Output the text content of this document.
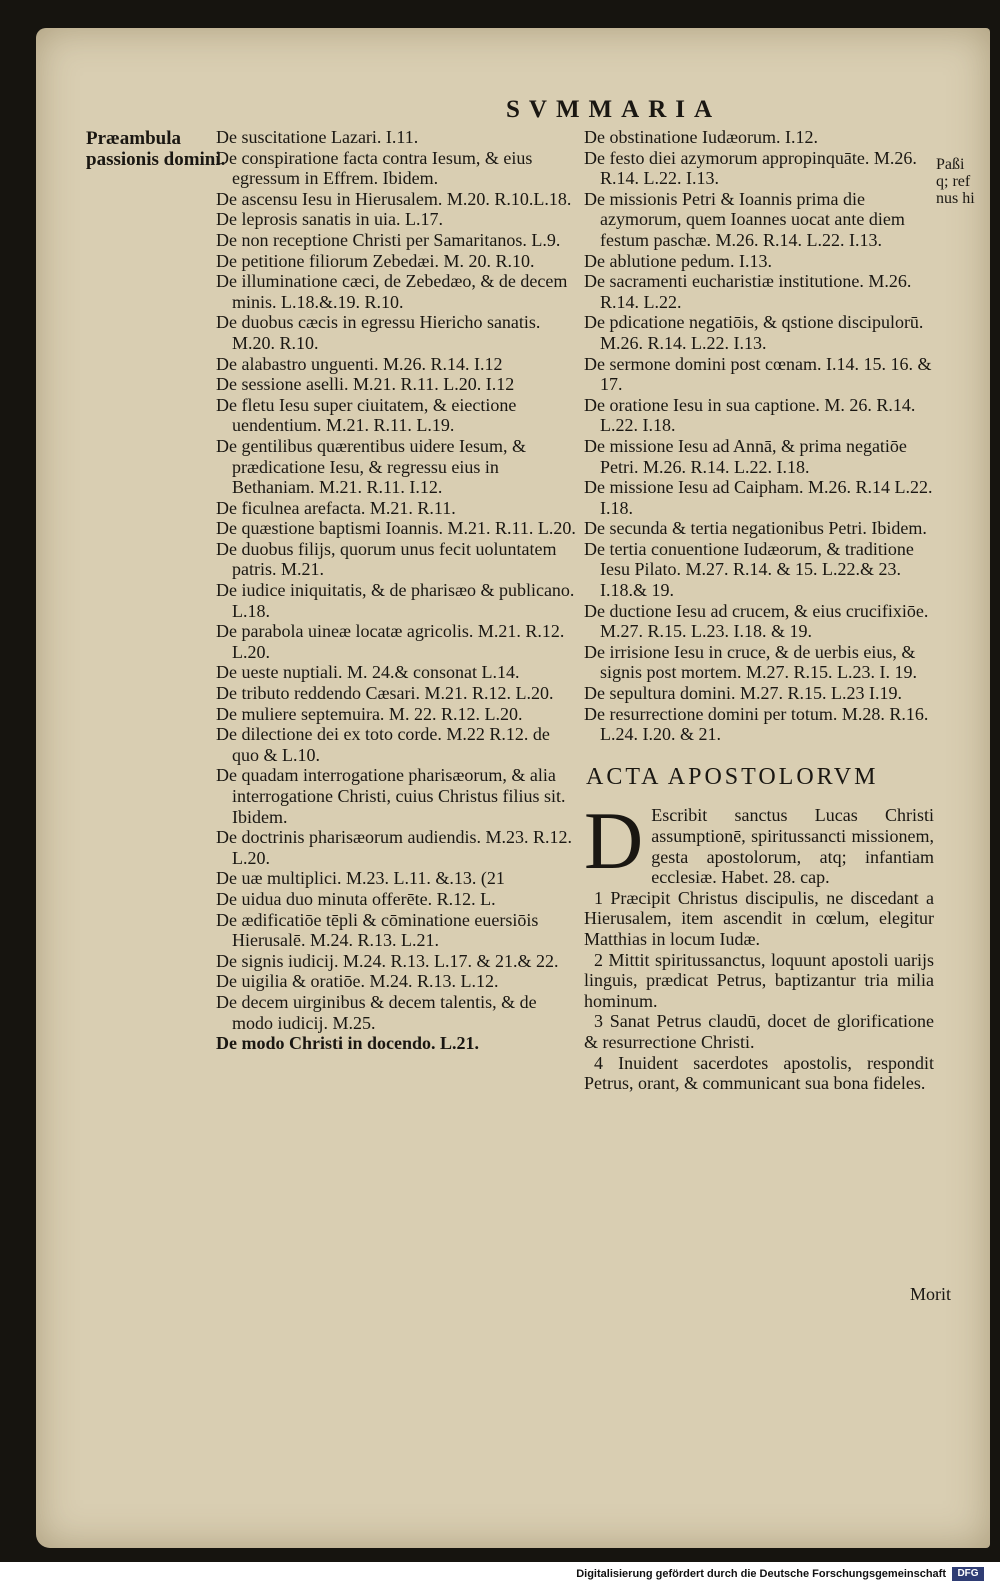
SVMMARIA
Præambula passionis domini.	Paßi
q; ref
nus hi
De suscitatione Lazari. I.11.
De conspiratione facta contra Iesum, & eius egressum in Effrem. Ibidem.
De ascensu Iesu in Hierusalem. M.20. R.10.L.18.
De leprosis sanatis in uia. L.17.
De non receptione Christi per Samaritanos. L.9.
De petitione filiorum Zebedæi. M. 20. R.10.
De illuminatione cæci, de Zebedæo, & de decem minis. L.18.&.19. R.10.
De duobus cæcis in egressu Hiericho sanatis. M.20. R.10.
De alabastro unguenti. M.26. R.14. I.12
De sessione aselli. M.21. R.11. L.20. I.12
De fletu Iesu super ciuitatem, & eiectione uendentium. M.21. R.11. L.19.
De gentilibus quærentibus uidere Iesum, & prædicatione Iesu, & regressu eius in Bethaniam. M.21. R.11. I.12.
De ficulnea arefacta. M.21. R.11.
De quæstione baptismi Ioannis. M.21. R.11. L.20.
De duobus filijs, quorum unus fecit uoluntatem patris. M.21.
De iudice iniquitatis, & de pharisæo & publicano. L.18.
De parabola uineæ locatæ agricolis. M.21. R.12. L.20.
De ueste nuptiali. M. 24.& consonat L.14.
De tributo reddendo Cæsari. M.21. R.12. L.20.
De muliere septemuira. M. 22. R.12. L.20.
De dilectione dei ex toto corde. M.22 R.12. de quo & L.10.
De quadam interrogatione pharisæorum, & alia interrogatione Christi, cuius Christus filius sit. Ibidem.
De doctrinis pharisæorum audiendis. M.23. R.12. L.20.
De uæ multiplici. M.23. L.11. &.13. (21
De uidua duo minuta offerēte. R.12. L.
De ædificatiōe tēpli & cōminatione euersiōis Hierusalē. M.24. R.13. L.21.
De signis iudicij. M.24. R.13. L.17. & 21.& 22.
De uigilia & oratiōe. M.24. R.13. L.12.
De decem uirginibus & decem talentis, & de modo iudicij. M.25.
De modo Christi in docendo. L.21.
De obstinatione Iudæorum. I.12.
De festo diei azymorum appropinquāte. M.26. R.14. L.22. I.13.
De missionis Petri & Ioannis prima die azymorum, quem Ioannes uocat ante diem festum paschæ. M.26. R.14. L.22. I.13.
De ablutione pedum. I.13.
De sacramenti eucharistiæ institutione. M.26. R.14. L.22.
De pdicatione negatiōis, & qstione discipulorū. M.26. R.14. L.22. I.13.
De sermone domini post cœnam. I.14. 15. 16. & 17.
De oratione Iesu in sua captione. M. 26. R.14. L.22. I.18.
De missione Iesu ad Annā, & prima negatiōe Petri. M.26. R.14. L.22. I.18.
De missione Iesu ad Caipham. M.26. R.14 L.22. I.18.
De secunda & tertia negationibus Petri. Ibidem.
De tertia conuentione Iudæorum, & traditione Iesu Pilato. M.27. R.14. & 15. L.22.& 23. I.18.& 19.
De ductione Iesu ad crucem, & eius crucifixiōe. M.27. R.15. L.23. I.18. & 19.
De irrisione Iesu in cruce, & de uerbis eius, & signis post mortem. M.27. R.15. L.23. I. 19.
De sepultura domini. M.27. R.15. L.23 I.19.
De resurrectione domini per totum. M.28. R.16. L.24. I.20. & 21.
ACTA APOSTOLORVM
D Escribit sanctus Lucas Christi assumptionē, spiritussancti missionem, gesta apostolorum, atq; infantiam ecclesiæ. Habet. 28. cap.
1 Præcipit Christus discipulis, ne discedant a Hierusalem, item ascendit in cœlum, elegitur Matthias in locum Iudæ.
2 Mittit spiritussanctus, loquunt apostoli uarijs linguis, prædicat Petrus, baptizantur tria milia hominum.
3 Sanat Petrus claudū, docet de glorificatione & resurrectione Christi.
4 Inuident sacerdotes apostolis, respondit Petrus, orant, & communicant sua bona fideles.
Morit
Digitalisierung gefördert durch die Deutsche Forschungsgemeinschaft	DFG
